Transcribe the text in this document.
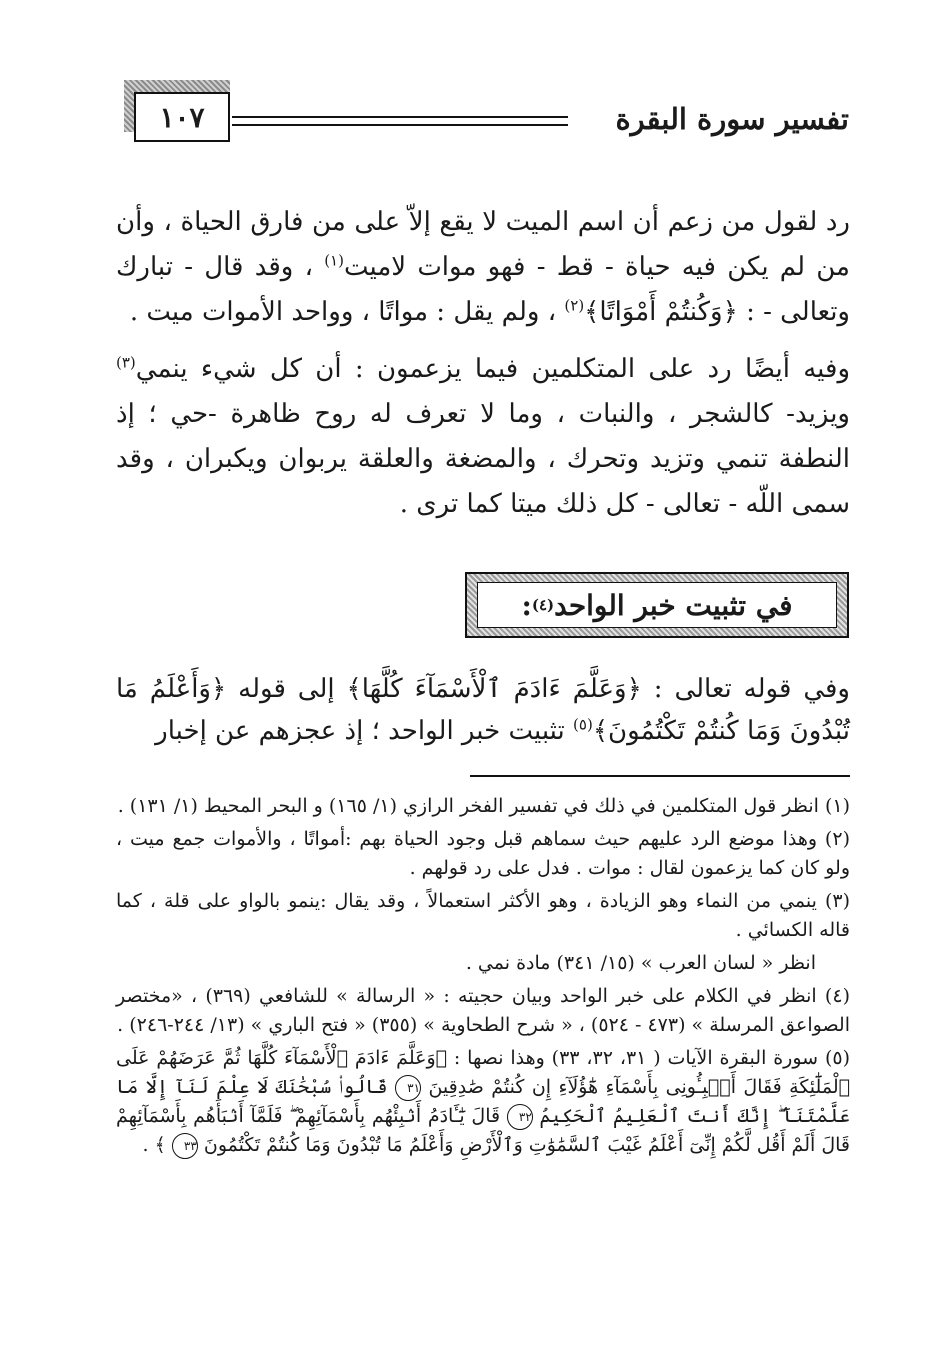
١٠٧	تفسير سورة البقرة

رد لقول من زعم أن اسم الميت لا يقع إلاّ على من فارق الحياة ، وأن من لم يكن فيه حياة - قط - فهو موات لاميت$^{(١)}$ ، وقد قال - تبارك وتعالى - : ﴿وَكُنتُمْ أَمْوَاتًا﴾$^{(٢)}$ ، ولم يقل : مواتًا ، وواحد الأموات ميت .

وفيه أيضًا رد على المتكلمين فيما يزعمون : أن كل شيء ينمي$^{(٣)}$ ويزيد- كالشجر ، والنبات ، وما لا تعرف له روح ظاهرة -حي ؛ إذ النطفة تنمي وتزيد وتحرك ، والمضغة والعلقة يربوان ويكبران ، وقد سمى اللّه - تعالى - كل ذلك ميتا كما ترى .

في تثبيت خبر الواحد
(٤)
:

وفي قوله تعالى : ﴿وَعَلَّمَ ءَادَمَ ٱلْأَسْمَآءَ كُلَّهَا﴾ إلى قوله ﴿وَأَعْلَمُ مَا تُبْدُونَ وَمَا كُنتُمْ تَكْتُمُونَ﴾$^{(٥)}$ تثبيت خبر الواحد ؛ إذ عجزهم عن إخبار

(١) انظر قول المتكلمين في ذلك في تفسير الفخر الرازي (١/ ١٦٥) و البحر المحيط (١/ ١٣١) .

(٢) وهذا موضع الرد عليهم حيث سماهم قبل وجود الحياة بهم :أمواتًا ، والأموات جمع ميت ، ولو كان كما يزعمون لقال : موات . فدل على رد قولهم .

(٣) ينمي من النماء وهو الزيادة ، وهو الأكثر استعمالاً ، وقد يقال :ينمو بالواو على قلة ، كما قاله الكسائي .

انظر « لسان العرب » (١٥/ ٣٤١) مادة نمي .

(٤) انظر في الكلام على خبر الواحد وبيان حجيته : « الرسالة » للشافعي (٣٦٩) ، «مختصر الصواعق المرسلة » (٤٧٣ - ٥٢٤) ، « شرح الطحاوية » (٣٥٥) « فتح الباري » (١٣/ ٢٤٤-٢٤٦) .

(٥) سورة البقرة الآيات ( ٣١، ٣٢، ٣٣) وهذا نصها : ﴿وَعَلَّمَ ءَادَمَ ٱلْأَسْمَآءَ كُلَّهَا ثُمَّ عَرَضَهُمْ عَلَى ٱلْمَلَٰٓئِكَةِ فَقَالَ أَنۢبِـُٔونِى بِأَسْمَآءِ هَٰٓؤُلَآءِ إِن كُنتُمْ صَٰدِقِينَ ٣١ قَالُوا۟ سُبْحَٰنَكَ لَا عِلْمَ لَنَآ إِلَّا مَا عَلَّمْتَنَآ ۖ إِنَّكَ أَنتَ ٱلْعَلِيمُ ٱلْحَكِيمُ ٣٢ قَالَ يَٰٓـَٔادَمُ أَنۢبِئْهُم بِأَسْمَآئِهِمْ ۖ فَلَمَّآ أَنۢبَأَهُم بِأَسْمَآئِهِمْ قَالَ أَلَمْ أَقُل لَّكُمْ إِنِّىٓ أَعْلَمُ غَيْبَ ٱلسَّمَٰوَٰتِ وَٱلْأَرْضِ وَأَعْلَمُ مَا تُبْدُونَ وَمَا كُنتُمْ تَكْتُمُونَ ٣٣ ﴾ .
